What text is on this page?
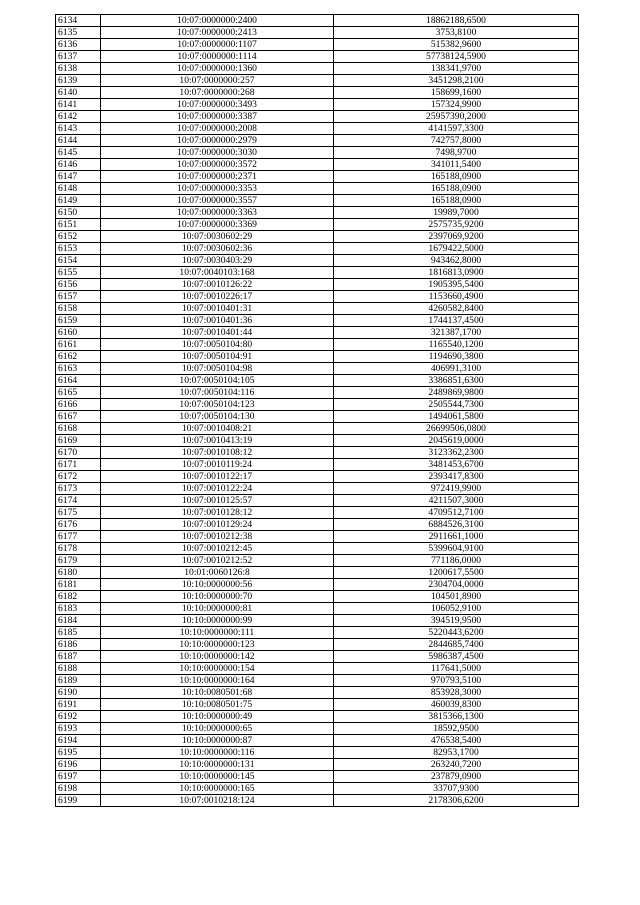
6134	10:07:0000000:2400	18862188,6500
6135	10:07:0000000:2413	3753,8100
6136	10:07:0000000:1107	515382,9600
6137	10:07:0000000:1114	57738124,5900
6138	10:07:0000000:1360	138341,9700
6139	10:07:0000000:257	3451298,2100
6140	10:07:0000000:268	158699,1600
6141	10:07:0000000:3493	157324,9900
6142	10:07:0000000:3387	25957390,2000
6143	10:07:0000000:2008	4141597,3300
6144	10:07:0000000:2979	742757,8000
6145	10:07:0000000:3030	7498,9700
6146	10:07:0000000:3572	341011,5400
6147	10:07:0000000:2371	165188,0900
6148	10:07:0000000:3353	165188,0900
6149	10:07:0000000:3557	165188,0900
6150	10:07:0000000:3363	19989,7000
6151	10:07:0000000:3369	2575735,9200
6152	10:07:0030602:29	2397069,9200
6153	10:07:0030602:36	1679422,5000
6154	10:07:0030403:29	943462,8000
6155	10:07:0040103:168	1816813,0900
6156	10:07:0010126:22	1905395,5400
6157	10:07:0010226:17	1153660,4900
6158	10:07:0010401:31	4260582,8400
6159	10:07:0010401:36	1744137,4500
6160	10:07:0010401:44	321387,1700
6161	10:07:0050104:80	1165540,1200
6162	10:07:0050104:91	1194690,3800
6163	10:07:0050104:98	406991,3100
6164	10:07:0050104:105	3386851,6300
6165	10:07:0050104:116	2489869,9800
6166	10:07:0050104:123	2505544,7300
6167	10:07:0050104:130	1494061,5800
6168	10:07:0010408:21	26699506,0800
6169	10:07:0010413:19	2045619,0000
6170	10:07:0010108:12	3123362,2300
6171	10:07:0010119:24	3481453,6700
6172	10:07:0010122:17	2393417,8300
6173	10:07:0010122:24	972419,9900
6174	10:07:0010125:57	4211507,3000
6175	10:07:0010128:12	4709512,7100
6176	10:07:0010129:24	6884526,3100
6177	10:07:0010212:38	2911661,1000
6178	10:07:0010212:45	5399604,9100
6179	10:07:0010212:52	771186,0000
6180	10:01:0060126:8	1200617,5500
6181	10:10:0000000:56	2304704,0000
6182	10:10:0000000:70	104501,8900
6183	10:10:0000000:81	106052,9100
6184	10:10:0000000:99	394519,9500
6185	10:10:0000000:111	5220443,6200
6186	10:10:0000000:123	2844685,7400
6187	10:10:0000000:142	5986387,4500
6188	10:10:0000000:154	117641,5000
6189	10:10:0000000:164	970793,5100
6190	10:10:0080501:68	853928,3000
6191	10:10:0080501:75	460039,8300
6192	10:10:0000000:49	3815366,1300
6193	10:10:0000000:65	18592,9500
6194	10:10:0000000:87	476538,5400
6195	10:10:0000000:116	82953,1700
6196	10:10:0000000:131	263240,7200
6197	10:10:0000000:145	237879,0900
6198	10:10:0000000:165	33707,9300
6199	10:07:0010218:124	2178306,6200
